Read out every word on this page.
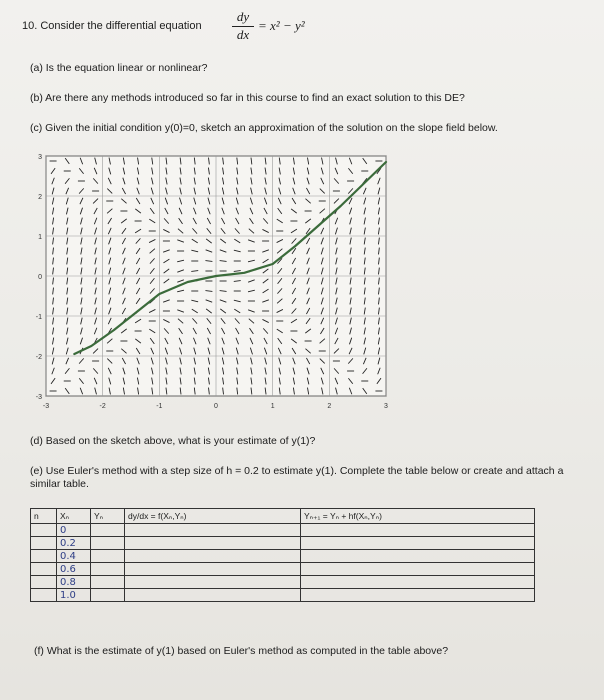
10. Consider the differential equation $\frac{dy}{dx} = x^2 - y^2$
(a) Is the equation linear or nonlinear?
(b) Are there any methods introduced so far in this course to find an exact solution to this DE?
(c) Given the initial condition y(0)=0, sketch an approximation of the solution on the slope field below.
-3	-2	-1	0	1	2	3
3
2
1
0
-1
-2
-3
(d) Based on the sketch above, what is your estimate of y(1)?
(e) Use Euler's method with a step size of h = 0.2 to estimate y(1). Complete the table below or create and attach a similar table.
n	Xₙ	Yₙ	dy/dx = f(Xₙ,Yₙ)	Yₙ₊₁ = Yₙ + hf(Xₙ,Yₙ)
	0			
	0.2			
	0.4			
	0.6			
	0.8			
	1.0			
(f) What is the estimate of y(1) based on Euler's method as computed in the table above?
